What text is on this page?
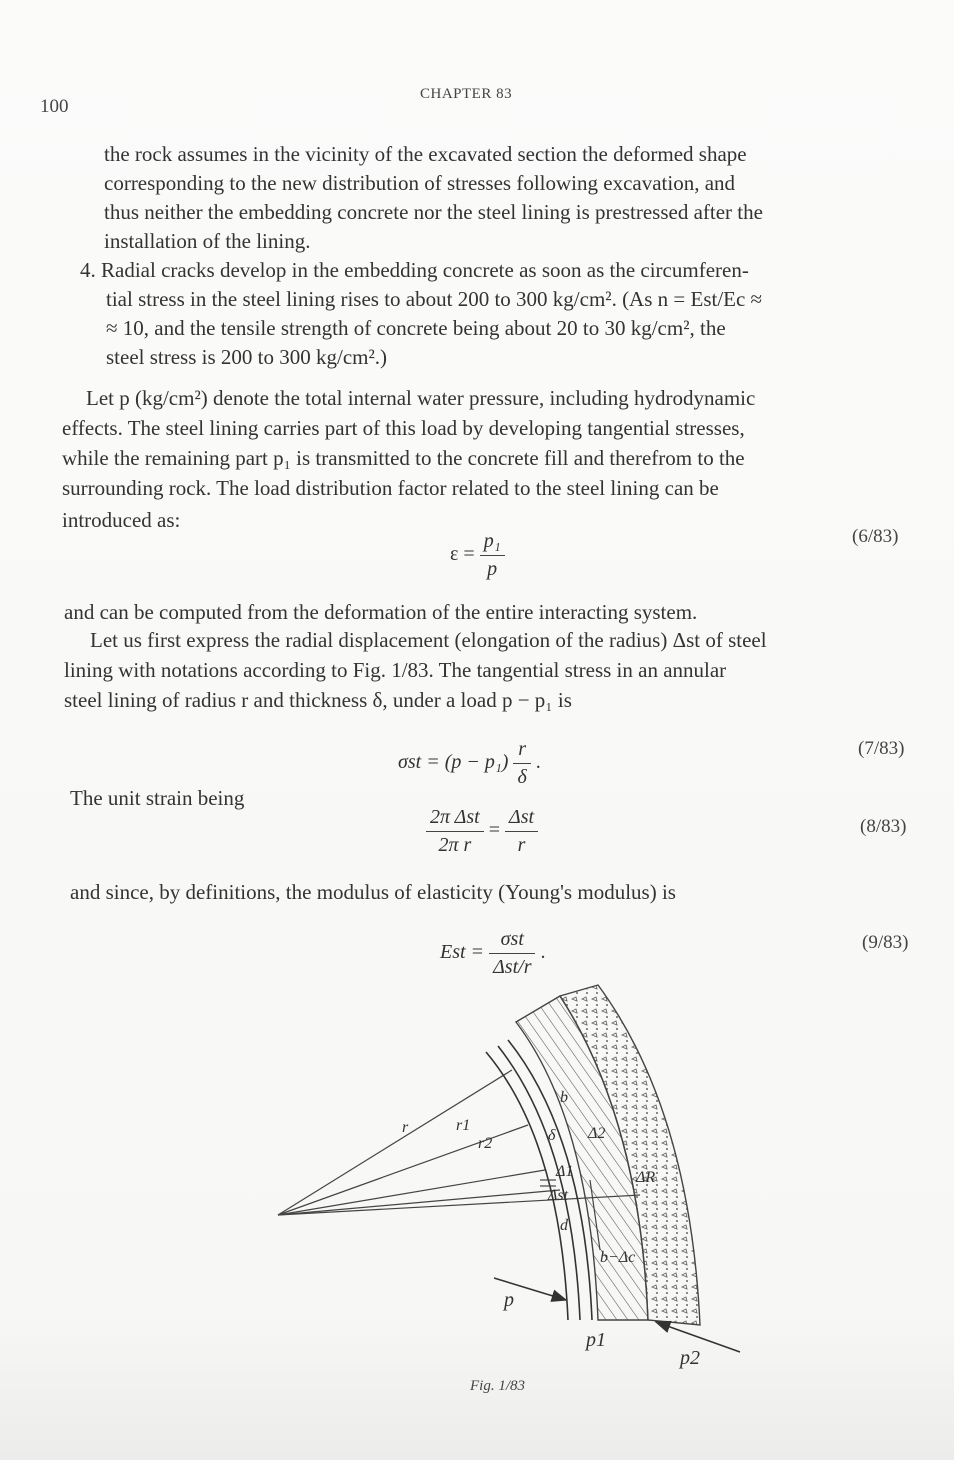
100
CHAPTER 83
the rock assumes in the vicinity of the excavated section the deformed shape
corresponding to the new distribution of stresses following excavation, and
thus neither the embedding concrete nor the steel lining is prestressed after the
installation of the lining.
4. Radial cracks develop in the embedding concrete as soon as the circumferen-
tial stress in the steel lining rises to about 200 to 300 kg/cm². (As n = Est/Ec ≈
≈ 10, and the tensile strength of concrete being about 20 to 30 kg/cm², the
steel stress is 200 to 300 kg/cm².)
Let p (kg/cm²) denote the total internal water pressure, including hydrodynamic
effects. The steel lining carries part of this load by developing tangential stresses,
while the remaining part p₁ is transmitted to the concrete fill and therefrom to the
surrounding rock. The load distribution factor related to the steel lining can be
introduced as:
$\varepsilon = \frac{\text{p₁}}{p}$	(6/83)
and can be computed from the deformation of the entire interacting system.
Let us first express the radial displacement (elongation of the radius) Δst of steel
lining with notations according to Fig. 1/83. The tangential stress in an annular
steel lining of radius r and thickness δ, under a load p − p₁ is
$\sigma st = (p - p_1) \frac{r}{\delta}$ .
(7/83)
The unit strain being
$\frac{\text{2π Δst}}{\text{2π r}} = \frac{\text{Δst}}{r}$	(8/83)
and since, by definitions, the modulus of elasticity (Young's modulus) is
Est = $\frac{\text{σst}}{\text{Δst/r}}$ .	(9/83)
r	r1
r2
b
δ Δ2
Δ1
Δst
d
b−Δc
ΔR
p
p1
p2
Fig. 1/83
